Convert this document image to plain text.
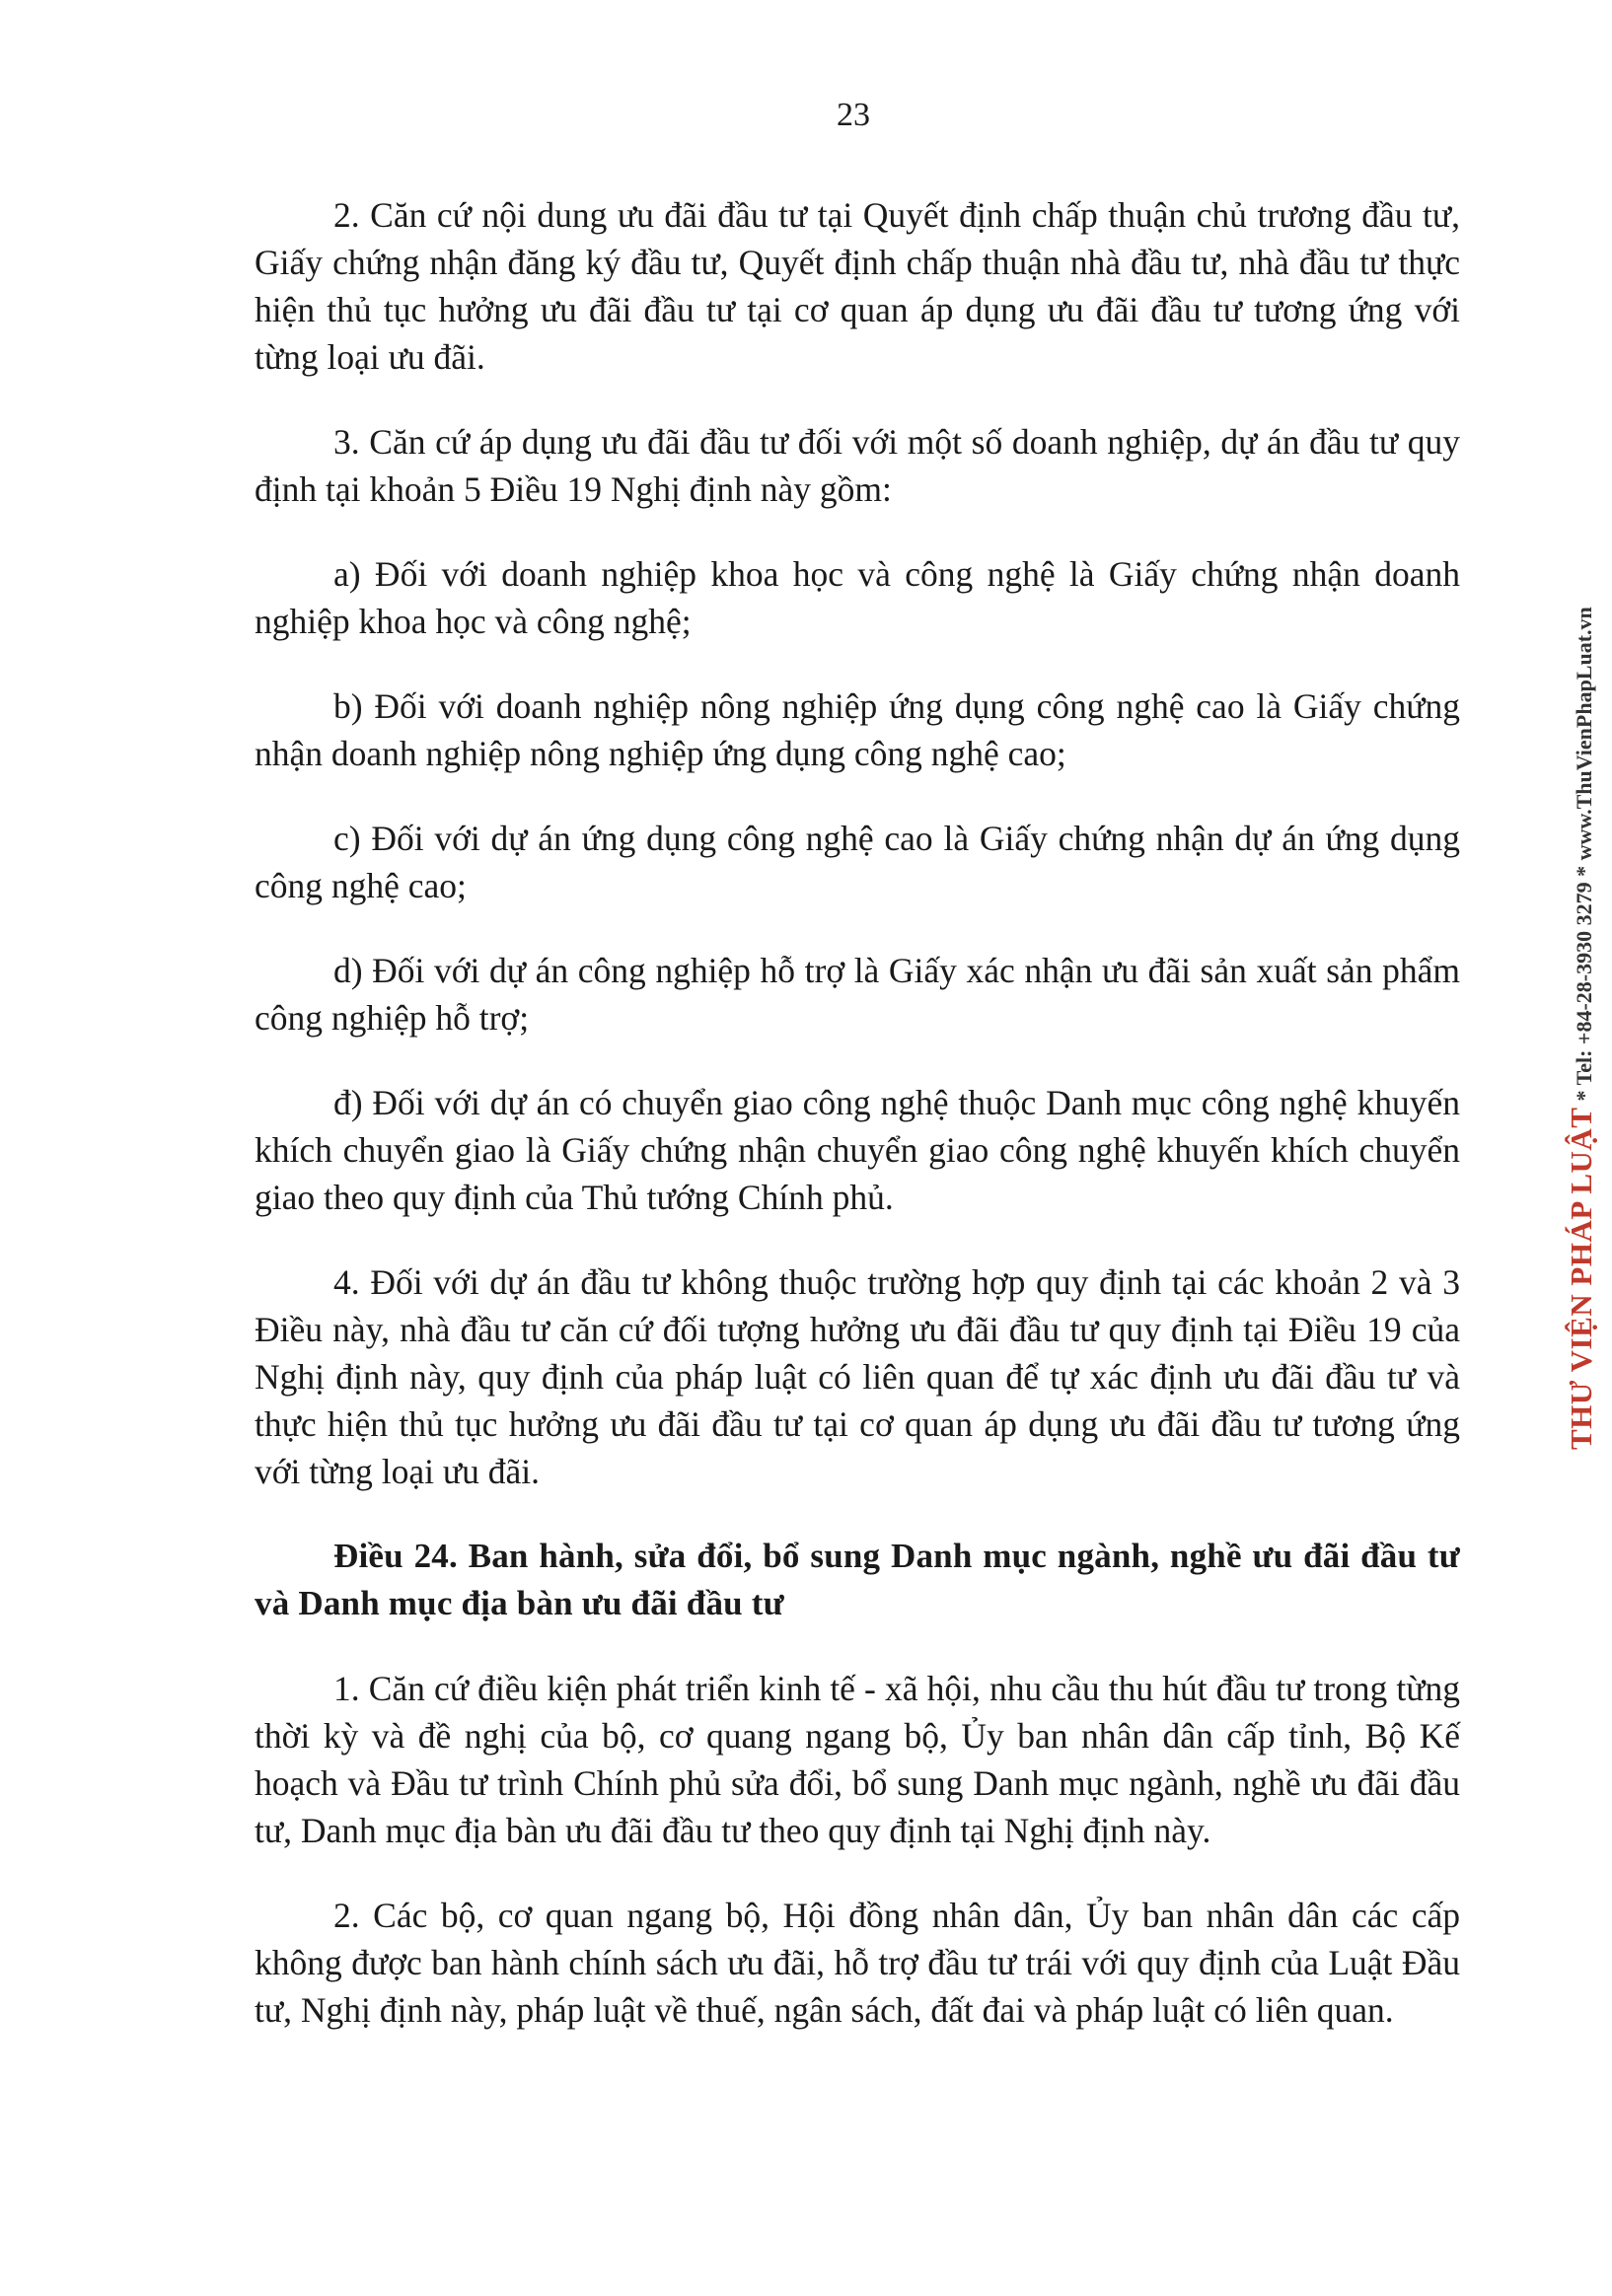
23

2. Căn cứ nội dung ưu đãi đầu tư tại Quyết định chấp thuận chủ trương đầu tư, Giấy chứng nhận đăng ký đầu tư, Quyết định chấp thuận nhà đầu tư, nhà đầu tư thực hiện thủ tục hưởng ưu đãi đầu tư tại cơ quan áp dụng ưu đãi đầu tư tương ứng với từng loại ưu đãi.

3. Căn cứ áp dụng ưu đãi đầu tư đối với một số doanh nghiệp, dự án đầu tư quy định tại khoản 5 Điều 19 Nghị định này gồm:

a) Đối với doanh nghiệp khoa học và công nghệ là Giấy chứng nhận doanh nghiệp khoa học và công nghệ;

b) Đối với doanh nghiệp nông nghiệp ứng dụng công nghệ cao là Giấy chứng nhận doanh nghiệp nông nghiệp ứng dụng công nghệ cao;

c) Đối với dự án ứng dụng công nghệ cao là Giấy chứng nhận dự án ứng dụng công nghệ cao;

d) Đối với dự án công nghiệp hỗ trợ là Giấy xác nhận ưu đãi sản xuất sản phẩm công nghiệp hỗ trợ;

đ) Đối với dự án có chuyển giao công nghệ thuộc Danh mục công nghệ khuyến khích chuyển giao là Giấy chứng nhận chuyển giao công nghệ khuyến khích chuyển giao theo quy định của Thủ tướng Chính phủ.

4. Đối với dự án đầu tư không thuộc trường hợp quy định tại các khoản 2 và 3 Điều này, nhà đầu tư căn cứ đối tượng hưởng ưu đãi đầu tư quy định tại Điều 19 của Nghị định này, quy định của pháp luật có liên quan để tự xác định ưu đãi đầu tư và thực hiện thủ tục hưởng ưu đãi đầu tư tại cơ quan áp dụng ưu đãi đầu tư tương ứng với từng loại ưu đãi.

Điều 24. Ban hành, sửa đổi, bổ sung Danh mục ngành, nghề ưu đãi đầu tư và Danh mục địa bàn ưu đãi đầu tư

1. Căn cứ điều kiện phát triển kinh tế - xã hội, nhu cầu thu hút đầu tư trong từng thời kỳ và đề nghị của bộ, cơ quang ngang bộ, Ủy ban nhân dân cấp tỉnh, Bộ Kế hoạch và Đầu tư trình Chính phủ sửa đổi, bổ sung Danh mục ngành, nghề ưu đãi đầu tư, Danh mục địa bàn ưu đãi đầu tư theo quy định tại Nghị định này.

2. Các bộ, cơ quan ngang bộ, Hội đồng nhân dân, Ủy ban nhân dân các cấp không được ban hành chính sách ưu đãi, hỗ trợ đầu tư trái với quy định của Luật Đầu tư, Nghị định này, pháp luật về thuế, ngân sách, đất đai và pháp luật có liên quan.

THƯ VIỆN PHÁP LUẬT * Tel: +84-28-3930 3279 * www.ThuVienPhapLuat.vn
